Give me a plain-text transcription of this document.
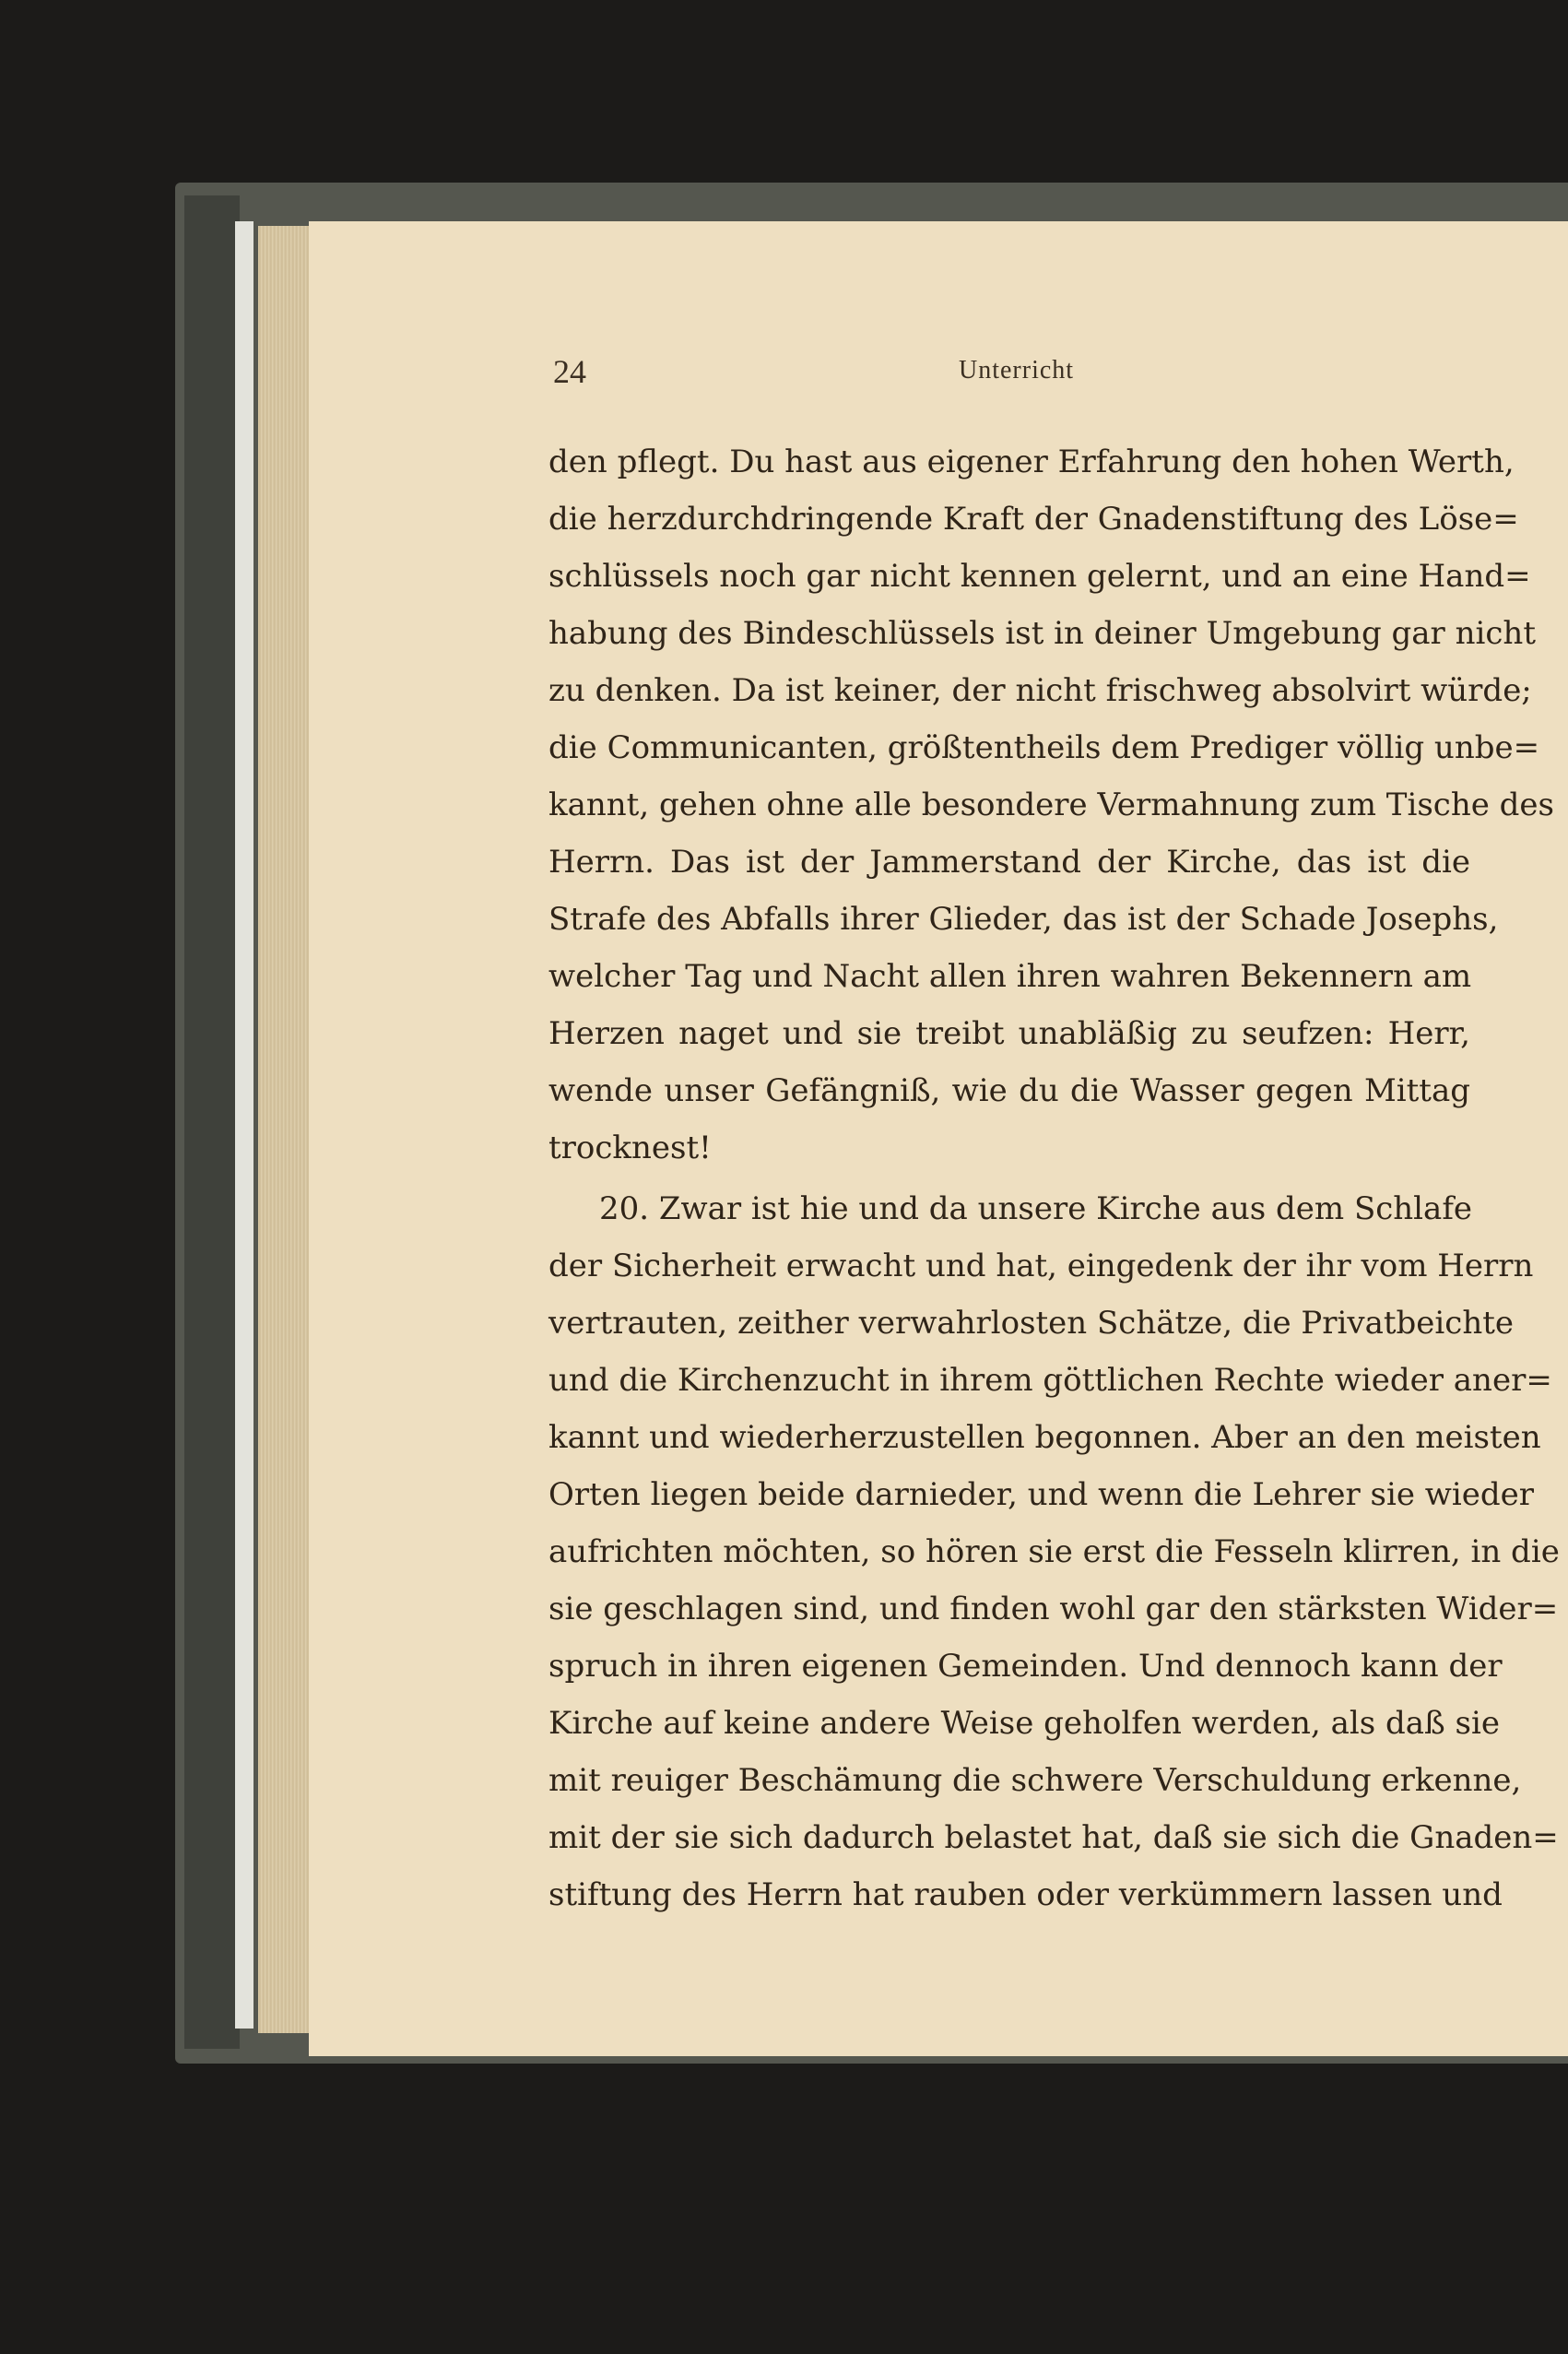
24	Unterricht
den pflegt. Du hast aus eigener Erfahrung den hohen Werth,
die herzdurchdringende Kraft der Gnadenstiftung des Löse=
schlüssels noch gar nicht kennen gelernt, und an eine Hand=
habung des Bindeschlüssels ist in deiner Umgebung gar nicht
zu denken. Da ist keiner, der nicht frischweg absolvirt würde;
die Communicanten, größtentheils dem Prediger völlig unbe=
kannt, gehen ohne alle besondere Vermahnung zum Tische des
Herrn. Das ist der Jammerstand der Kirche, das ist die
Strafe des Abfalls ihrer Glieder, das ist der Schade Josephs,
welcher Tag und Nacht allen ihren wahren Bekennern am
Herzen naget und sie treibt unabläßig zu seufzen: Herr,
wende unser Gefängniß, wie du die Wasser gegen Mittag
trocknest!
20. Zwar ist hie und da unsere Kirche aus dem Schlafe
der Sicherheit erwacht und hat, eingedenk der ihr vom Herrn
vertrauten, zeither verwahrlosten Schätze, die Privatbeichte
und die Kirchenzucht in ihrem göttlichen Rechte wieder aner=
kannt und wiederherzustellen begonnen. Aber an den meisten
Orten liegen beide darnieder, und wenn die Lehrer sie wieder
aufrichten möchten, so hören sie erst die Fesseln klirren, in die
sie geschlagen sind, und finden wohl gar den stärksten Wider=
spruch in ihren eigenen Gemeinden. Und dennoch kann der
Kirche auf keine andere Weise geholfen werden, als daß sie
mit reuiger Beschämung die schwere Verschuldung erkenne,
mit der sie sich dadurch belastet hat, daß sie sich die Gnaden=
stiftung des Herrn hat rauben oder verkümmern lassen und
